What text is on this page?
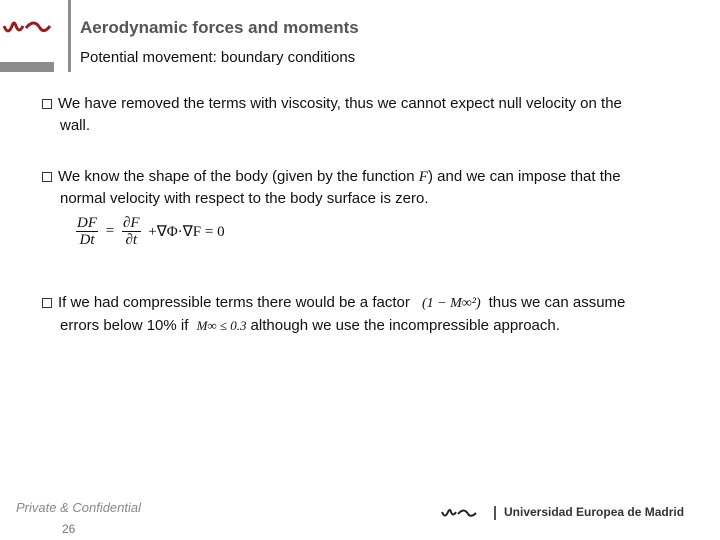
Aerodynamic forces and moments
Potential movement: boundary conditions
We have removed the terms with viscosity, thus we cannot expect null velocity on the
wall.
We know the shape of the body (given by the function F) and we can impose that the
normal velocity with respect to the body surface is zero.
$\frac{DF}{Dt} = \frac{\partial F}{\partial t} +\nabla\Phi\cdot\nabla F = 0$
If we had compressible terms there would be a factor (1 − M∞²) thus we can assume
errors below 10% if M∞ ≤ 0.3 although we use the incompressible approach.
Private & Confidential
26
Universidad Europea de Madrid
